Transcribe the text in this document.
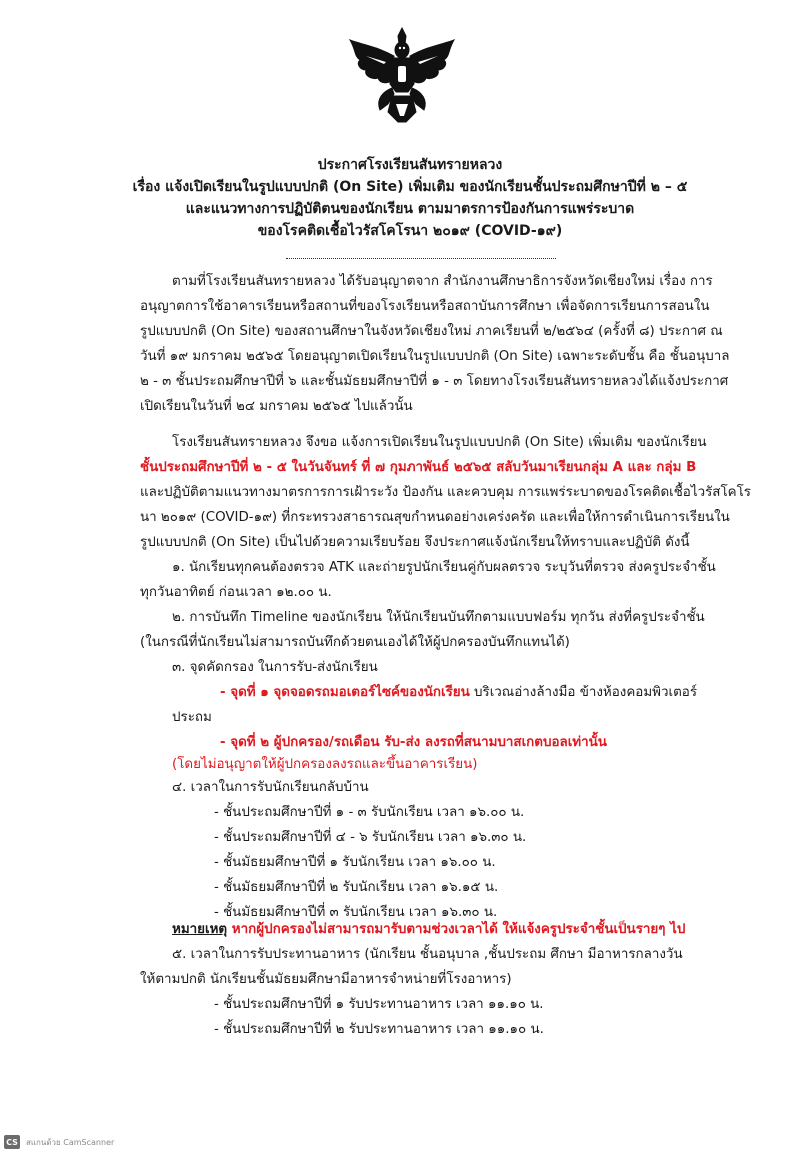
ประกาศโรงเรียนสันทรายหลวง
เรื่อง แจ้งเปิดเรียนในรูปแบบปกติ (On Site) เพิ่มเติม ของนักเรียนชั้นประถมศึกษาปีที่ ๒ – ๕
และแนวทางการปฏิบัติตนของนักเรียน ตามมาตรการป้องกันการแพร่ระบาด
ของโรคติดเชื้อไวรัสโคโรนา ๒๐๑๙ (COVID-๑๙)
ตามที่โรงเรียนสันทรายหลวง ได้รับอนุญาตจาก สำนักงานศึกษาธิการจังหวัดเชียงใหม่ เรื่อง การ
อนุญาตการใช้อาคารเรียนหรือสถานที่ของโรงเรียนหรือสถาบันการศึกษา เพื่อจัดการเรียนการสอนใน
รูปแบบปกติ (On Site) ของสถานศึกษาในจังหวัดเชียงใหม่ ภาคเรียนที่ ๒/๒๕๖๔ (ครั้งที่ ๘) ประกาศ ณ
วันที่ ๑๙ มกราคม ๒๕๖๕ โดยอนุญาตเปิดเรียนในรูปแบบปกติ (On Site) เฉพาะระดับชั้น คือ ชั้นอนุบาล
๒ - ๓ ชั้นประถมศึกษาปีที่ ๖ และชั้นมัธยมศึกษาปีที่ ๑ - ๓ โดยทางโรงเรียนสันทรายหลวงได้แจ้งประกาศ
เปิดเรียนในวันที่ ๒๔ มกราคม ๒๕๖๕ ไปแล้วนั้น
โรงเรียนสันทรายหลวง จึงขอ แจ้งการเปิดเรียนในรูปแบบปกติ (On Site) เพิ่มเติม ของนักเรียน
ชั้นประถมศึกษาปีที่ ๒ - ๕ ในวันจันทร์ ที่ ๗ กุมภาพันธ์ ๒๕๖๕ สลับวันมาเรียนกลุ่ม A และ กลุ่ม B
และปฏิบัติตามแนวทางมาตรการการเฝ้าระวัง ป้องกัน และควบคุม การแพร่ระบาดของโรคติดเชื้อไวรัสโคโร
นา ๒๐๑๙ (COVID-๑๙) ที่กระทรวงสาธารณสุขกำหนดอย่างเคร่งครัด และเพื่อให้การดำเนินการเรียนใน
รูปแบบปกติ (On Site) เป็นไปด้วยความเรียบร้อย จึงประกาศแจ้งนักเรียนให้ทราบและปฏิบัติ ดังนี้
๑. นักเรียนทุกคนต้องตรวจ ATK และถ่ายรูปนักเรียนคู่กับผลตรวจ ระบุวันที่ตรวจ ส่งครูประจำชั้น
ทุกวันอาทิตย์ ก่อนเวลา ๑๒.๐๐ น.
๒. การบันทึก Timeline ของนักเรียน ให้นักเรียนบันทึกตามแบบฟอร์ม ทุกวัน ส่งที่ครูประจำชั้น
(ในกรณีที่นักเรียนไม่สามารถบันทึกด้วยตนเองได้ให้ผู้ปกครองบันทึกแทนได้)
๓. จุดคัดกรอง ในการรับ-ส่งนักเรียน
- จุดที่ ๑ จุดจอดรถมอเตอร์ไซค์ของนักเรียน บริเวณอ่างล้างมือ ข้างห้องคอมพิวเตอร์
ประถม
- จุดที่ ๒ ผู้ปกครอง/รถเดือน รับ-ส่ง ลงรถที่สนามบาสเกตบอลเท่านั้น
(โดยไม่อนุญาตให้ผู้ปกครองลงรถและขึ้นอาคารเรียน)
๔. เวลาในการรับนักเรียนกลับบ้าน
- ชั้นประถมศึกษาปีที่ ๑ - ๓ รับนักเรียน เวลา ๑๖.๐๐ น.
- ชั้นประถมศึกษาปีที่ ๔ - ๖ รับนักเรียน เวลา ๑๖.๓๐ น.
- ชั้นมัธยมศึกษาปีที่ ๑ รับนักเรียน เวลา ๑๖.๐๐ น.
- ชั้นมัธยมศึกษาปีที่ ๒ รับนักเรียน เวลา ๑๖.๑๕ น.
- ชั้นมัธยมศึกษาปีที่ ๓ รับนักเรียน เวลา ๑๖.๓๐ น.
หมายเหตุ หากผู้ปกครองไม่สามารถมารับตามช่วงเวลาได้ ให้แจ้งครูประจำชั้นเป็นรายๆ ไป
๕. เวลาในการรับประทานอาหาร (นักเรียน ชั้นอนุบาล ,ชั้นประถม ศึกษา มีอาหารกลางวัน
ให้ตามปกติ นักเรียนชั้นมัธยมศึกษามีอาหารจำหน่ายที่โรงอาหาร)
- ชั้นประถมศึกษาปีที่ ๑ รับประทานอาหาร เวลา ๑๑.๑๐ น.
- ชั้นประถมศึกษาปีที่ ๒ รับประทานอาหาร เวลา ๑๑.๑๐ น.
CS สแกนด้วย CamScanner
